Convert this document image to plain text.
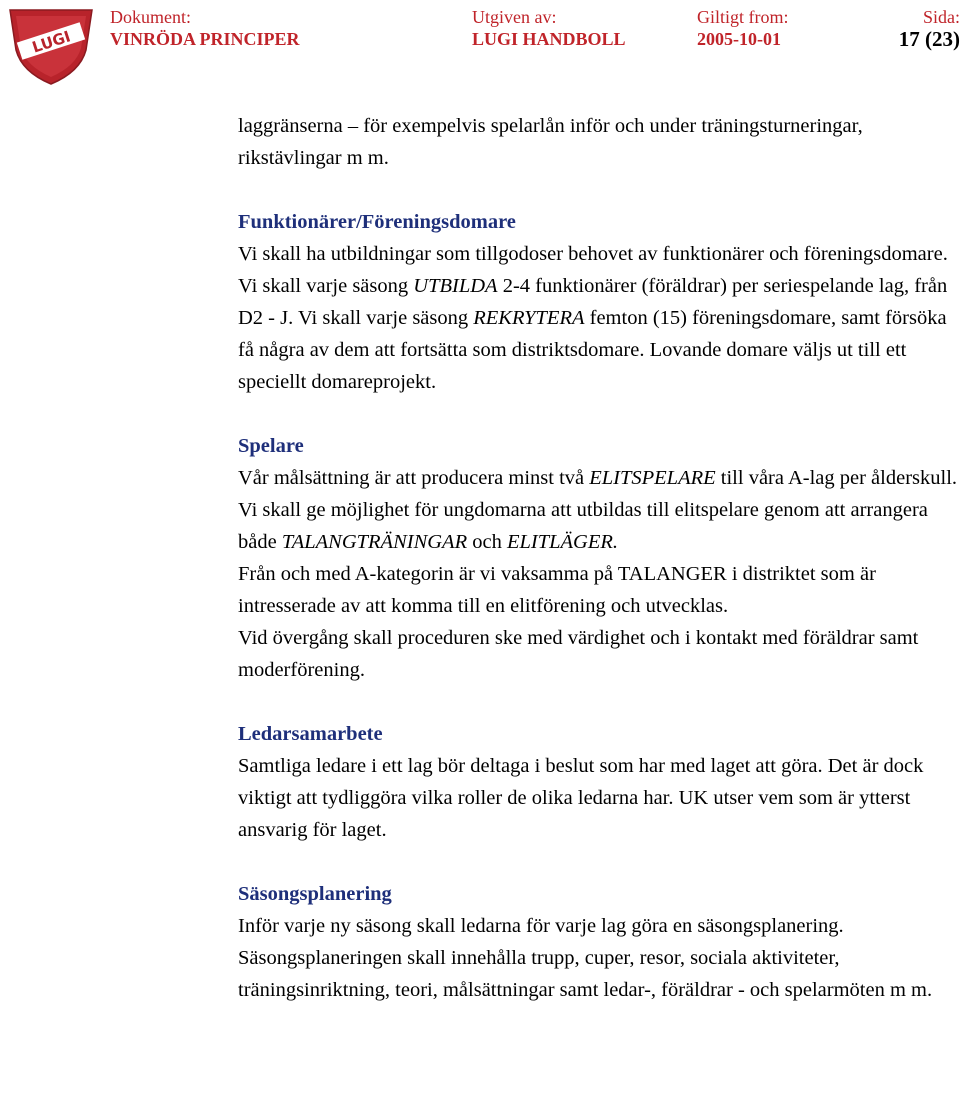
LUGI
Dokument:
VINRÖDA PRINCIPER
Utgiven av:
LUGI HANDBOLL
Giltigt from:
2005-10-01
Sida:
17 (23)

laggränserna – för exempelvis spelarlån inför och under träningsturneringar,
rikstävlingar m m.

Funktionärer/Föreningsdomare

Vi skall ha utbildningar som tillgodoser behovet av funktionärer och föreningsdomare. Vi skall varje säsong UTBILDA 2-4 funktionärer (föräldrar) per seriespelande lag, från D2 - J. Vi skall varje säsong REKRYTERA femton (15) föreningsdomare, samt försöka få några av dem att fortsätta som distriktsdomare. Lovande domare väljs ut till ett speciellt domareprojekt.

Spelare

Vår målsättning är att producera minst två ELITSPELARE till våra A-lag per ålderskull. Vi skall ge möjlighet för ungdomarna att utbildas till elitspelare genom att arrangera både TALANGTRÄNINGAR och ELITLÄGER.

Från och med A-kategorin är vi vaksamma på TALANGER i distriktet som är intresserade av att komma till en elitförening och utvecklas.

Vid övergång skall proceduren ske med värdighet och i kontakt med föräldrar samt moderförening.

Ledarsamarbete

Samtliga ledare i ett lag bör deltaga i beslut som har med laget att göra. Det är dock viktigt att tydliggöra vilka roller de olika ledarna har. UK utser vem som är ytterst ansvarig för laget.

Säsongsplanering

Inför varje ny säsong skall ledarna för varje lag göra en säsongsplanering. Säsongsplaneringen skall innehålla trupp, cuper, resor, sociala aktiviteter, träningsinriktning, teori, målsättningar samt ledar-, föräldrar - och spelarmöten m m.
